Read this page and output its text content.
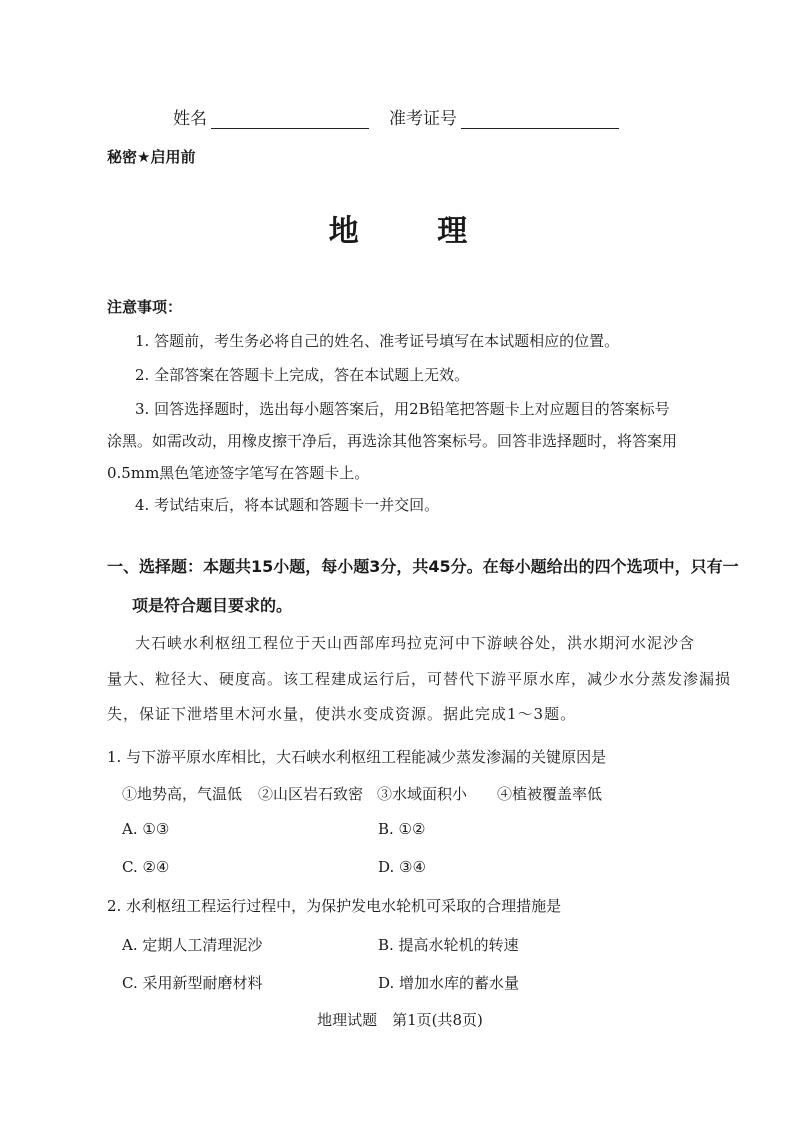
姓名	准考证号
秘密★启用前
地 理
注意事项：
1. 答题前，考生务必将自己的姓名、准考证号填写在本试题相应的位置。
2. 全部答案在答题卡上完成，答在本试题上无效。
3. 回答选择题时，选出每小题答案后，用2B铅笔把答题卡上对应题目的答案标号
涂黑。如需改动，用橡皮擦干净后，再选涂其他答案标号。回答非选择题时，将答案用
0.5mm黑色笔迹签字笔写在答题卡上。
4. 考试结束后，将本试题和答题卡一并交回。
一、选择题：本题共15小题，每小题3分，共45分。在每小题给出的四个选项中，只有一
项是符合题目要求的。
大石峡水利枢纽工程位于天山西部库玛拉克河中下游峡谷处，洪水期河水泥沙含
量大、粒径大、硬度高。该工程建成运行后，可替代下游平原水库，减少水分蒸发渗漏损
失，保证下泄塔里木河水量，使洪水变成资源。据此完成1～3题。
1. 与下游平原水库相比，大石峡水利枢纽工程能减少蒸发渗漏的关键原因是
①地势高，气温低 ②山区岩石致密 ③水域面积小 ④植被覆盖率低
A. ①③	B. ①②
C. ②④	D. ③④
2. 水利枢纽工程运行过程中，为保护发电水轮机可采取的合理措施是
A. 定期人工清理泥沙	B. 提高水轮机的转速
C. 采用新型耐磨材料	D. 增加水库的蓄水量
地理试题　第1页(共8页)
